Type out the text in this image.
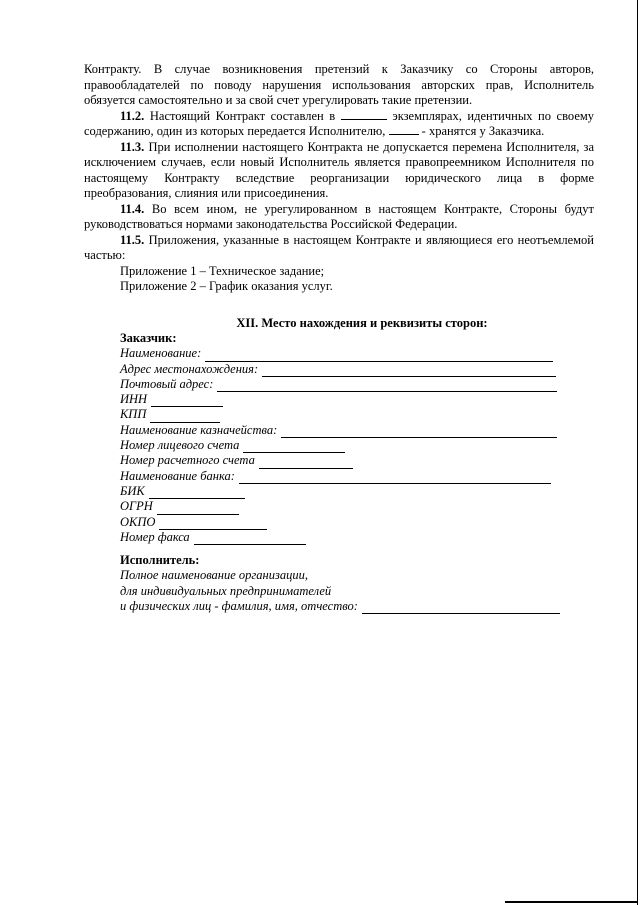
Контракту. В случае возникновения претензий к Заказчику со Стороны авторов, правообладателей по поводу нарушения использования авторских прав, Исполнитель обязуется самостоятельно и за свой счет урегулировать такие претензии.

11.2. Настоящий Контракт составлен в	экземплярах, идентичных по своему содержанию, один из которых передается Исполнителю,	- хранятся у Заказчика.

11.3. При исполнении настоящего Контракта не допускается перемена Исполнителя, за исключением случаев, если новый Исполнитель является правопреемником Исполнителя по настоящему Контракту вследствие реорганизации юридического лица в форме преобразования, слияния или присоединения.

11.4. Во всем ином, не урегулированном в настоящем Контракте, Стороны будут руководствоваться нормами законодательства Российской Федерации.

11.5. Приложения, указанные в настоящем Контракте и являющиеся его неотъемлемой частью:

Приложение 1 – Техническое задание;

Приложение 2 – График оказания услуг.

XII. Место нахождения и реквизиты сторон:
Заказчик:
Наименование:
Адрес местонахождения:
Почтовый адрес:
ИНН
КПП
Наименование казначейства:
Номер лицевого счета
Номер расчетного счета
Наименование банка:
БИК
ОГРН
ОКПО
Номер факса
Исполнитель:
Полное наименование организации,
для индивидуальных предпринимателей
и физических лиц - фамилия, имя, отчество:
